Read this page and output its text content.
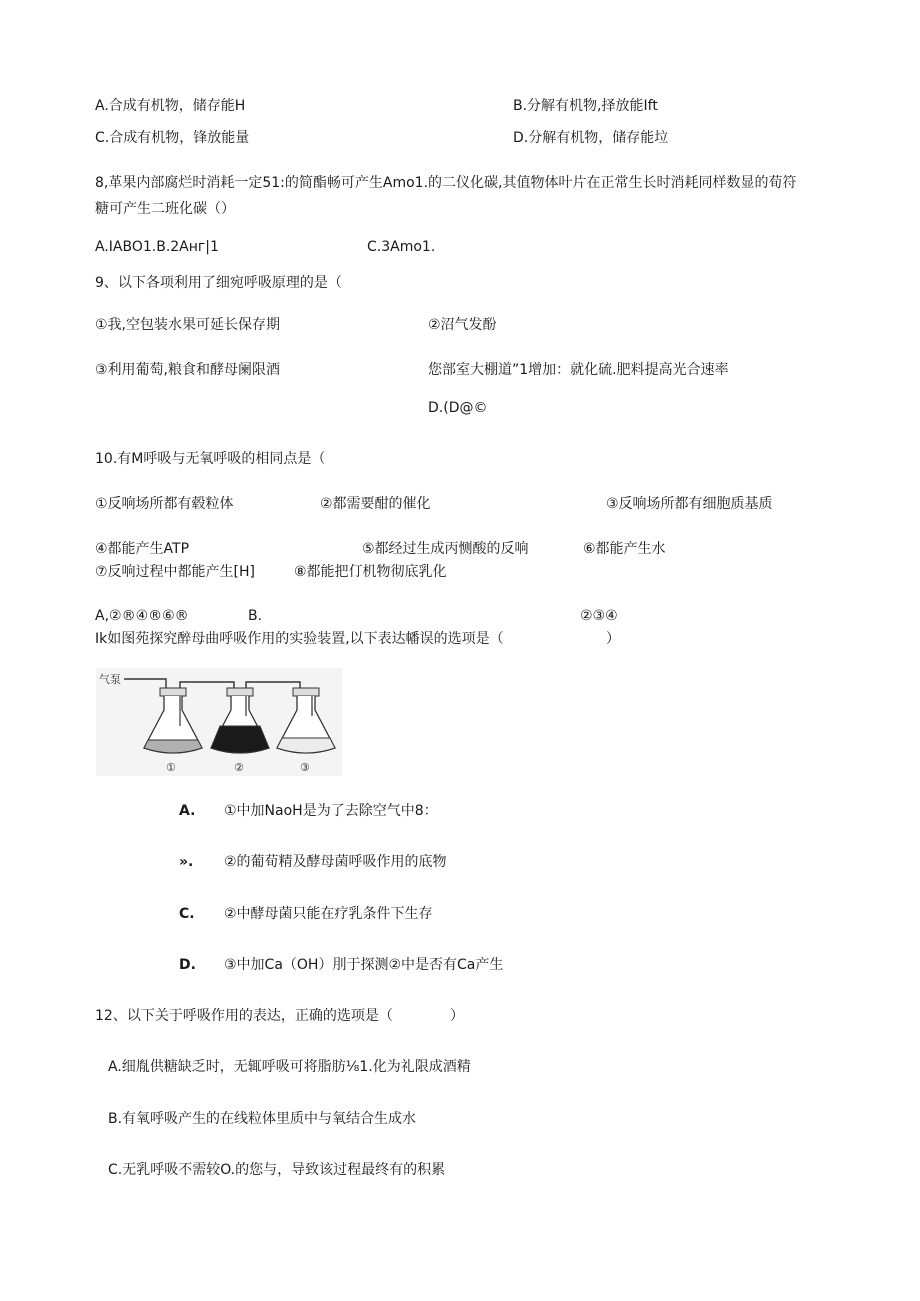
A.合成有机物，储存能H	B.分解有机物,择放能Ift
C.合成有机物，锋放能量	D.分解有机物，储存能垃
8,革果内部腐烂时消耗一定51:的简酯畅可产生Amo1.的二仪化碳,其值物体叶片在正常生长时消耗同样数显的荀符
糖可产生二班化碳（）
A.IABO1.B.2Aнг|1	C.3Amo1.
9、以下各项利用了细宛呼吸原理的是（
①我,空包装水果可延长保存期	②沼气发酚
③利用葡萄,粮食和酵母阑限酒	您部室大棚道”1增加：就化硫.肥料提高光合速率
D.(D@©
10.有M呼吸与无氧呼吸的相同点是（
①反响场所都有毂粒体	②都需要酣的催化	③反响场所都有细胞质基质
④都能产生ATP	⑤都经过生成丙恻酸的反响	⑥都能产生水
⑦反响过程中都能产生[H]	⑧都能把仃机物彻底乳化
A,②®④®⑥®	B.	②③④
Ik如图苑探究醉母曲呼吸作用的实验装置,以下表达幡误的选项是（	）
气泵
①	②	③
A. ①中加NaoH是为了去除空气中8：
». ②的葡荀精及酵母菌呼吸作用的底物
C. ②中酵母菌只能在疗乳条件下生存
D. ③中加Ca（OH）刖于探测②中是否有Ca产生
12、以下关于呼吸作用的表达，正确的选项是（	）
A.细胤供糖缺乏时，无辄呼吸可将脂肪⅛1.化为礼限成酒精
B.有氧呼吸产生的在线粒体里质中与氧结合生成水
C.无乳呼吸不需较O.的您与，导致该过程最终有的积累
